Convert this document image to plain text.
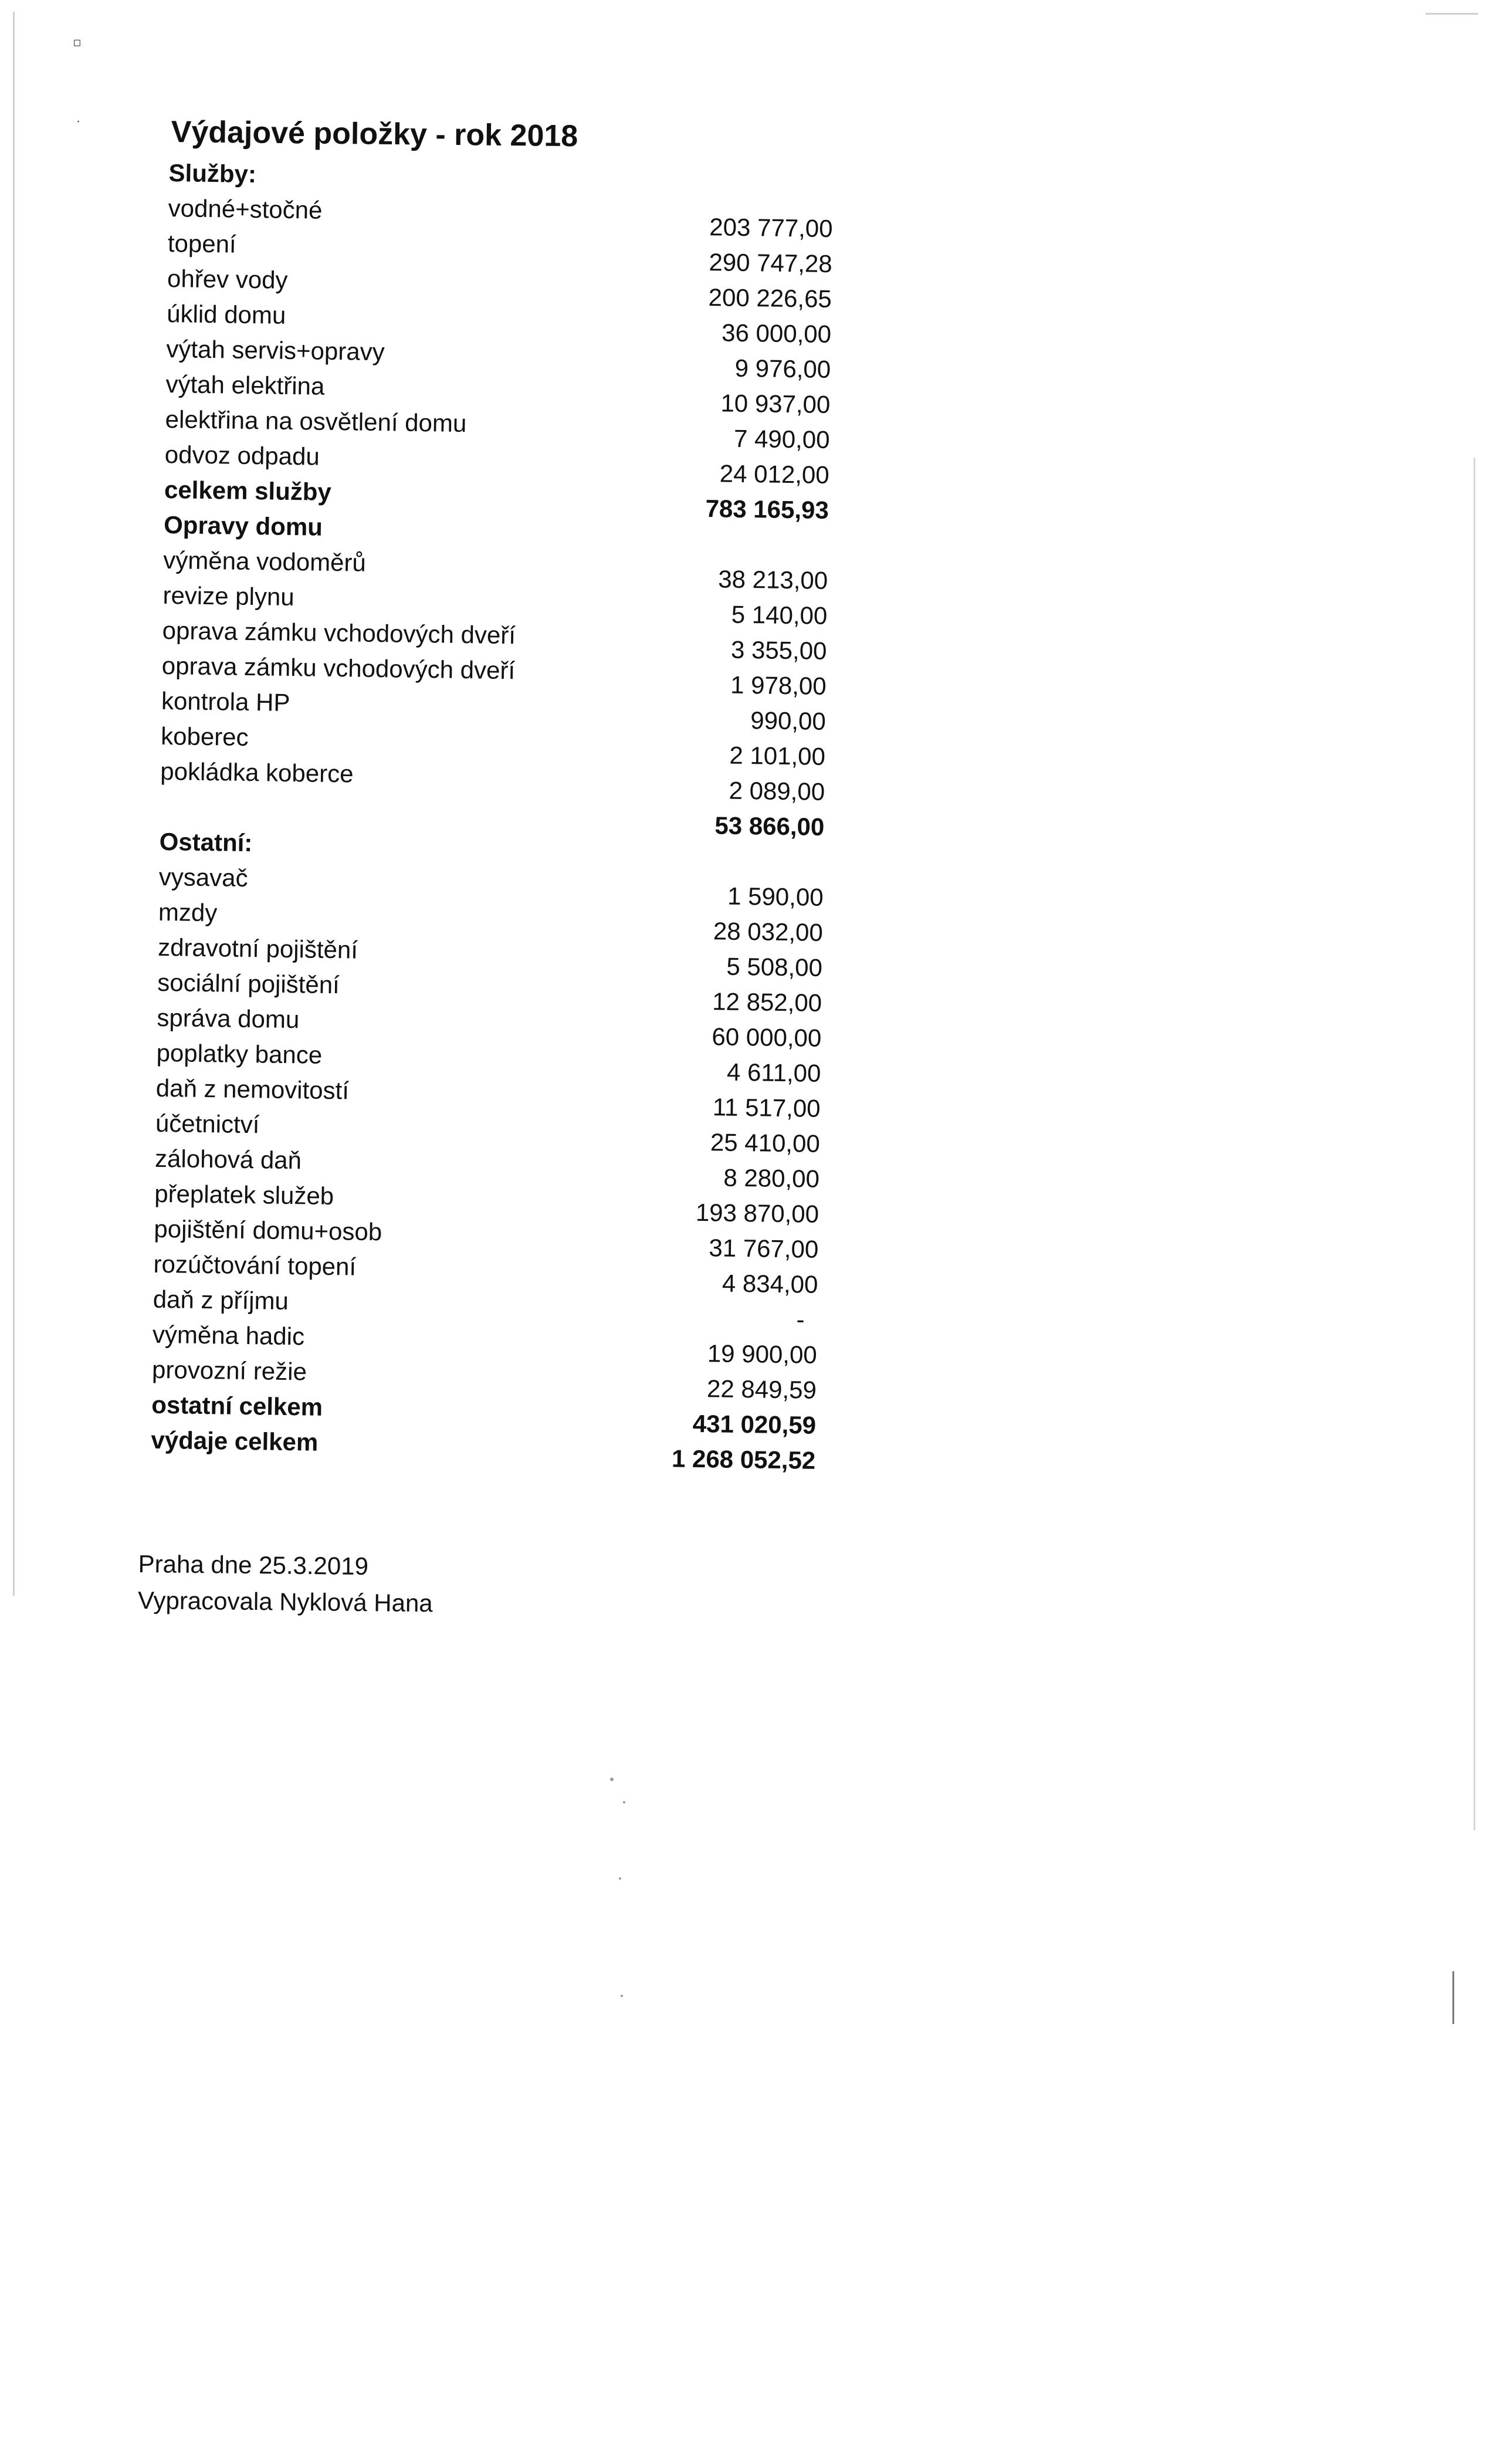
▫
·	Výdajové položky - rok 2018
Služby:
vodné+stočné
topení
ohřev vody
úklid domu
výtah servis+opravy
výtah elektřina
elektřina na osvětlení domu
odvoz odpadu
celkem služby
Opravy domu
výměna vodoměrů
revize plynu
oprava zámku vchodových dveří
oprava zámku vchodových dveří
kontrola HP
koberec
pokládka koberce
Ostatní:
vysavač
mzdy
zdravotní pojištění
sociální pojištění
správa domu
poplatky bance
daň z nemovitostí
účetnictví
zálohová daň
přeplatek služeb
pojištění domu+osob
rozúčtování topení
daň z příjmu
výměna hadic
provozní režie
ostatní celkem
výdaje celkem
203 777,00
290 747,28
200 226,65
36 000,00
9 976,00
10 937,00
7 490,00
24 012,00
783 165,93
38 213,00
5 140,00
3 355,00
1 978,00
990,00
2 101,00
2 089,00
53 866,00
1 590,00
28 032,00
5 508,00
12 852,00
60 000,00
4 611,00
11 517,00
25 410,00
8 280,00
193 870,00
31 767,00
4 834,00
-
19 900,00
22 849,59
431 020,59
1 268 052,52
Praha dne 25.3.2019
Vypracovala Nyklová Hana
